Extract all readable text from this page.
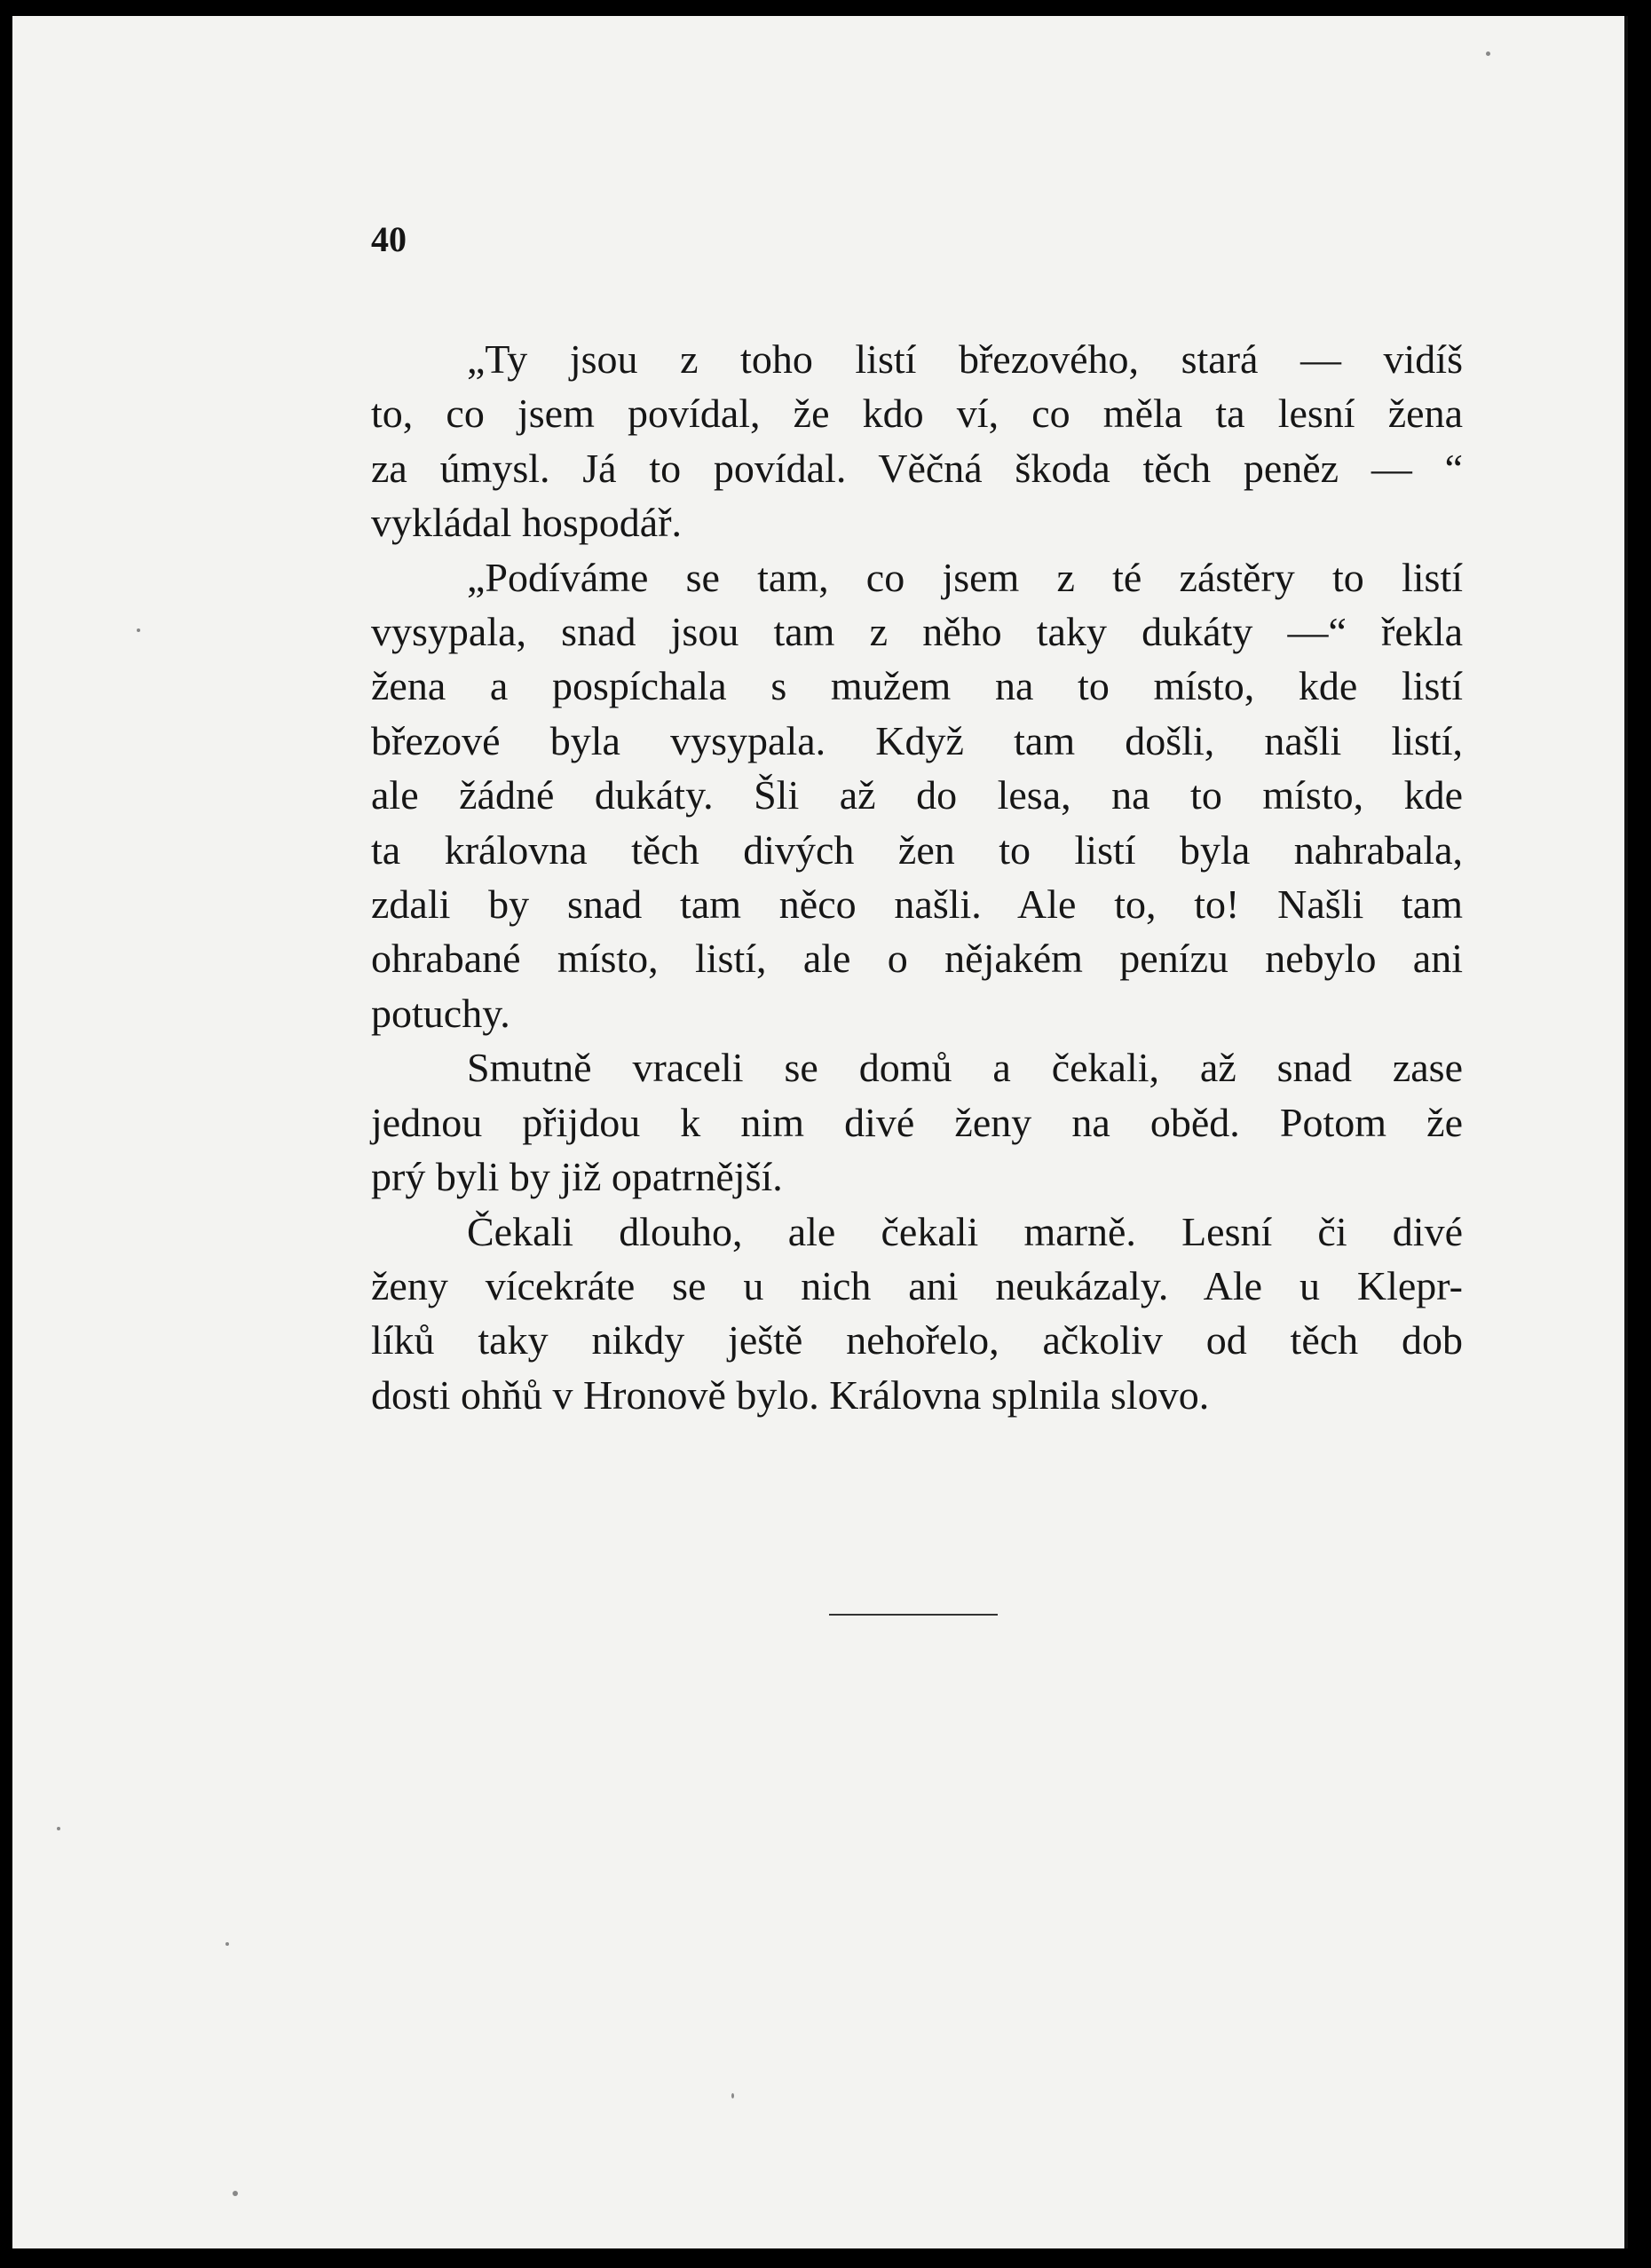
40
„Ty jsou z toho listí březového, stará — vidíš
to, co jsem povídal, že kdo ví, co měla ta lesní žena
za úmysl. Já to povídal. Věčná škoda těch peněz — “
vykládal hospodář.
„Podíváme se tam, co jsem z té zástěry to listí
vysypala, snad jsou tam z něho taky dukáty —“ řekla
žena a pospíchala s mužem na to místo, kde listí
březové byla vysypala. Když tam došli, našli listí,
ale žádné dukáty. Šli až do lesa, na to místo, kde
ta královna těch divých žen to listí byla nahrabala,
zdali by snad tam něco našli. Ale to, to! Našli tam
ohrabané místo, listí, ale o nějakém penízu nebylo ani
potuchy.
Smutně vraceli se domů a čekali, až snad zase
jednou přijdou k nim divé ženy na oběd. Potom že
prý byli by již opatrnější.
Čekali dlouho, ale čekali marně. Lesní či divé
ženy vícekráte se u nich ani neukázaly. Ale u Klepr-
líků taky nikdy ještě nehořelo, ačkoliv od těch dob
dosti ohňů v Hronově bylo. Královna splnila slovo.
